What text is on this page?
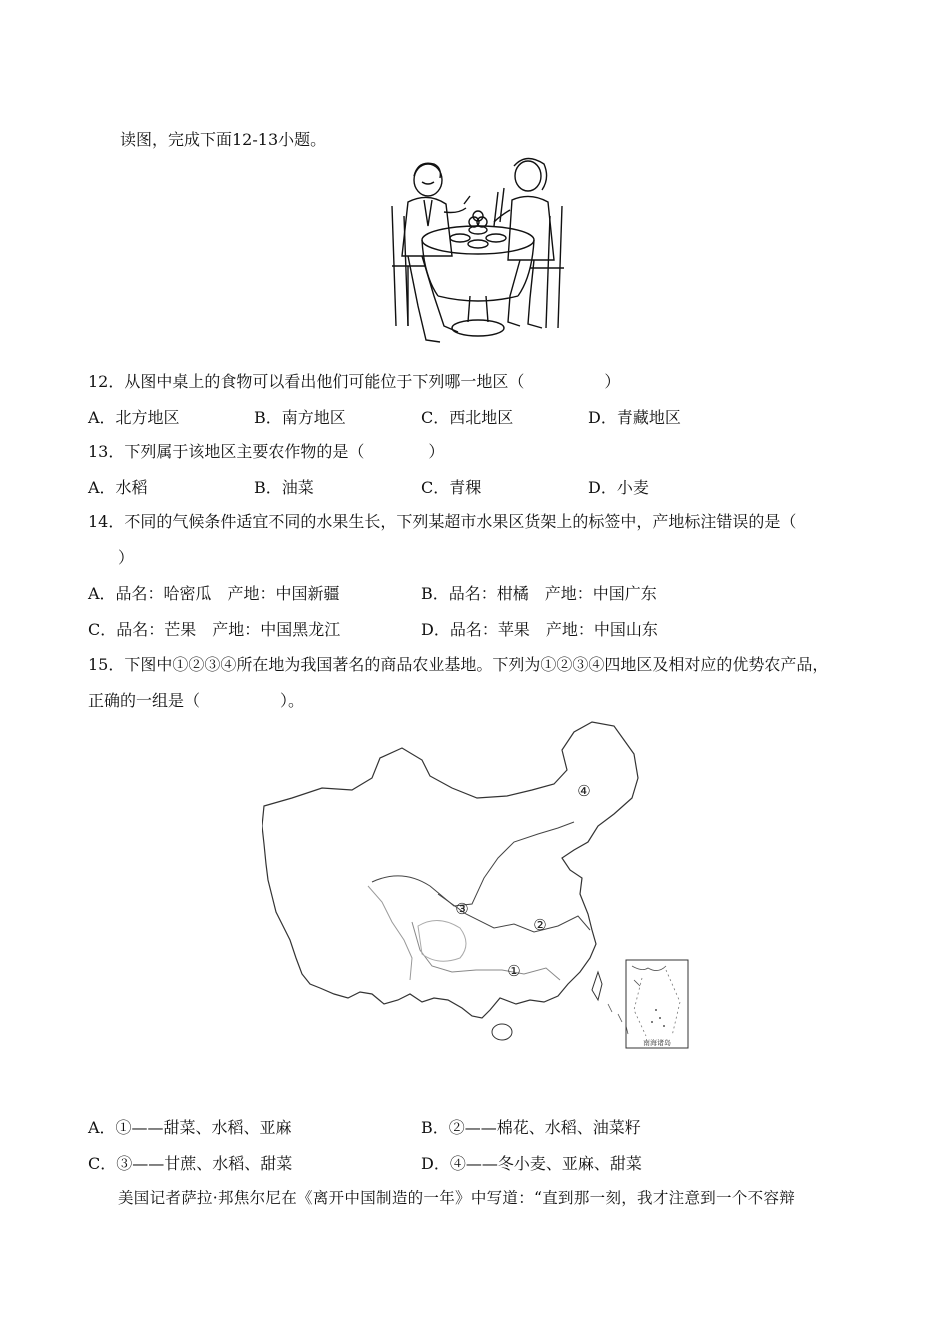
读图，完成下面12-13小题。
12．从图中桌上的食物可以看出他们可能位于下列哪一地区（　　　　　）
A．北方地区	B．南方地区	C．西北地区	D．青藏地区
13．下列属于该地区主要农作物的是（　　　　）
A．水稻	B．油菜	C．青稞	D．小麦
14．不同的气候条件适宜不同的水果生长，下列某超市水果区货架上的标签中，产地标注错误的是（
）
A．品名：哈密瓜　产地：中国新疆	B．品名：柑橘　产地：中国广东
C．品名：芒果　产地：中国黑龙江	D．品名：苹果　产地：中国山东
15．下图中①②③④所在地为我国著名的商品农业基地。下列为①②③④四地区及相对应的优势农产品，
正确的一组是（　　　　　）。
④
③
②
①
南海诸岛
A．①——甜菜、水稻、亚麻	B．②——棉花、水稻、油菜籽
C．③——甘蔗、水稻、甜菜	D．④——冬小麦、亚麻、甜菜
美国记者萨拉·邦焦尔尼在《离开中国制造的一年》中写道：“直到那一刻，我才注意到一个不容辩
